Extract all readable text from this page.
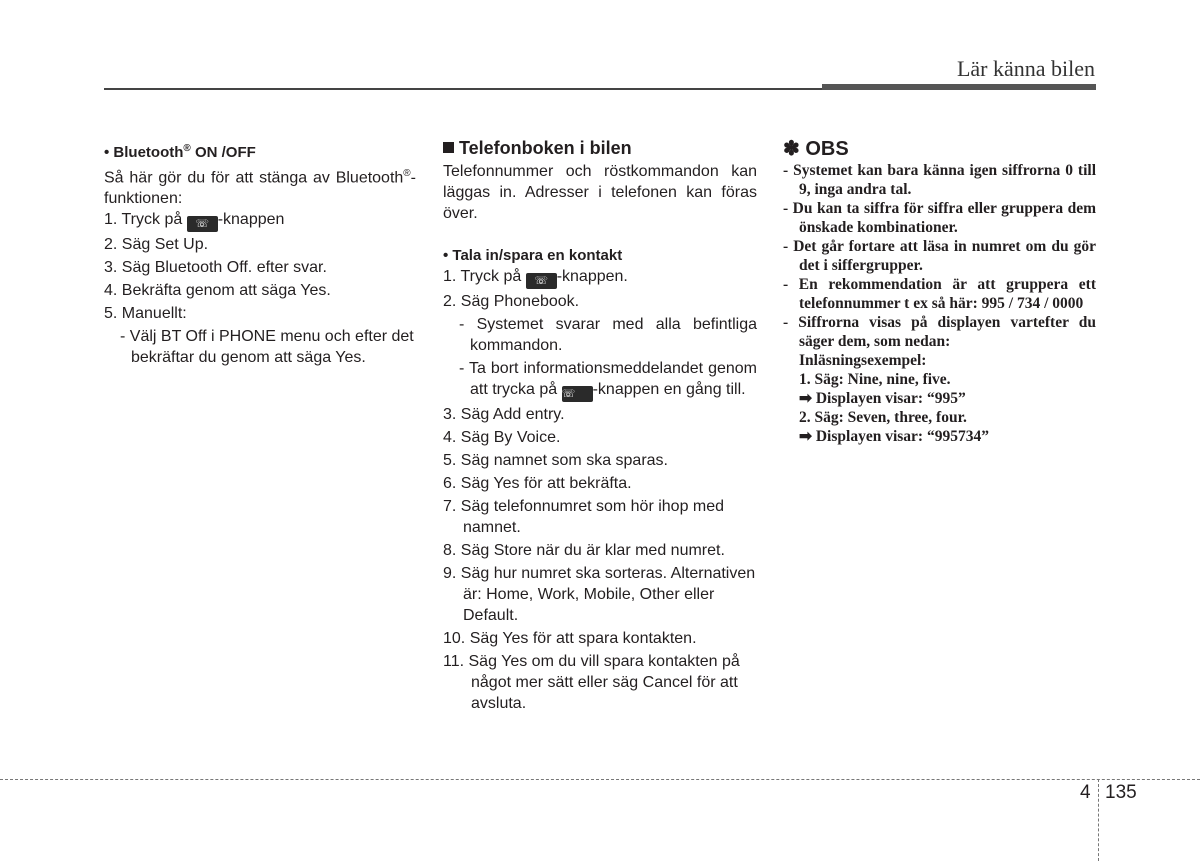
Lär känna bilen

• Bluetooth® ON /OFF

Så här gör du för att stänga av Bluetooth®-funktionen:

1. Tryck på ☏ -knappen

2. Säg Set Up.

3. Säg Bluetooth Off. efter svar.

4. Bekräfta genom att säga Yes.

5. Manuellt:

- Välj BT Off i PHONE menu och efter det bekräftar du genom att säga Yes.

Telefonboken i bilen

Telefonnummer och röstkommandon kan läggas in. Adresser i telefonen kan föras över.

• Tala in/spara en kontakt

1. Tryck på ☏ -knappen.

2. Säg Phonebook.

- Systemet svarar med alla befintliga kommandon.

- Ta bort informationsmeddelandet genom att trycka på ☏ -knappen en gång till.

3. Säg Add entry.

4. Säg By Voice.

5. Säg namnet som ska sparas.

6. Säg Yes för att bekräfta.

7. Säg telefonnumret som hör ihop med namnet.

8. Säg Store när du är klar med numret.

9. Säg hur numret ska sorteras. Alternativen är: Home, Work, Mobile, Other eller Default.

10. Säg Yes för att spara kontakten.

11. Säg Yes om du vill spara kontakten på något mer sätt eller säg Cancel för att avsluta.

✽ OBS

- Systemet kan bara känna igen siffrorna 0 till 9, inga andra tal.

- Du kan ta siffra för siffra eller gruppera dem önskade kombinationer.

- Det går fortare att läsa in numret om du gör det i siffergrupper.

- En rekommendation är att gruppera ett telefonnummer t ex så här: 995 / 734 / 0000

- Siffrorna visas på displayen vartefter du säger dem, som nedan:

Inläsningsexempel:

1. Säg: Nine, nine, five.

➡ Displayen visar: “995”

2. Säg: Seven, three, four.

➡ Displayen visar: “995734”

4 135
